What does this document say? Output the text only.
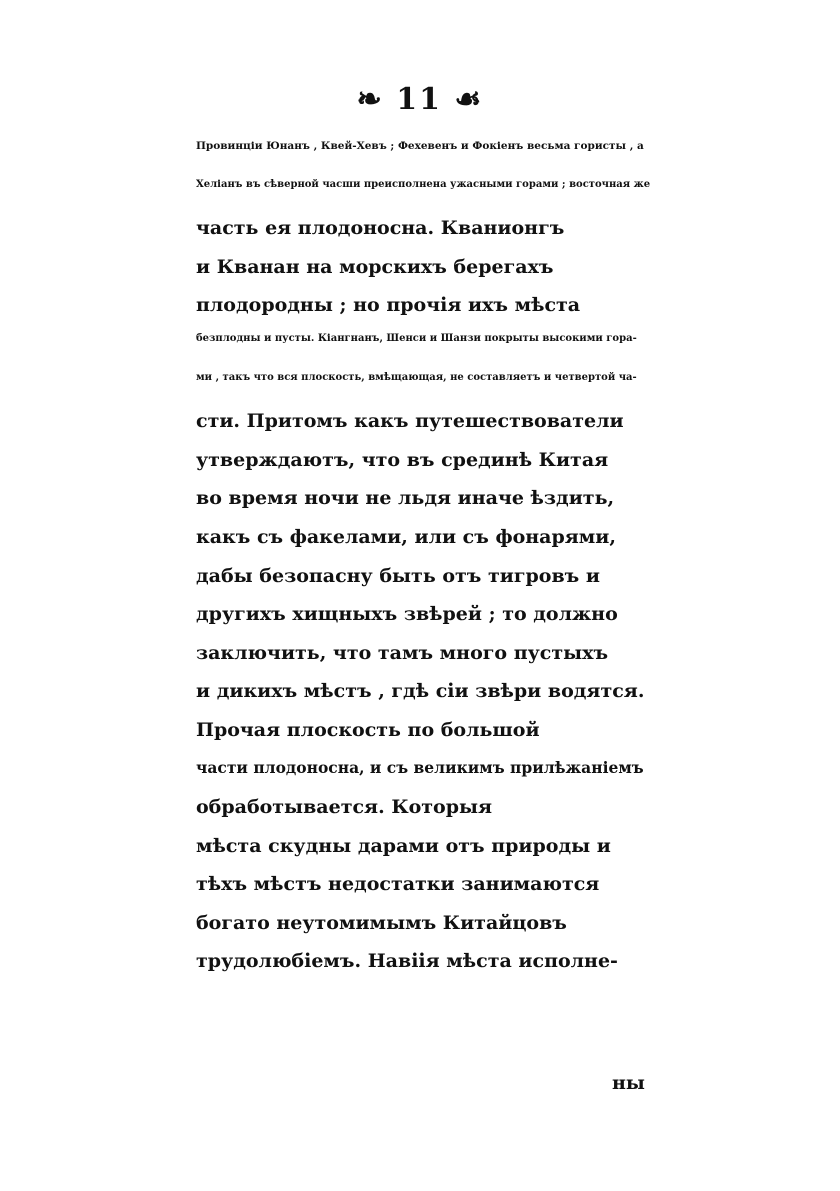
❧ 11 ☙
Провинціи Юнанъ , Квей-Хевъ ; Фехевенъ и Фокіенъ весьма гористы , а
Хеліанъ въ сѣверной часши преисполнена ужасными горами ; восточная же
часть ея плодоносна. Кванионгъ
и Кванан на морскихъ берегахъ
плодородны ; но прочія ихъ мѣста
безплодны и пусты. Кіангнанъ, Шенси и Шанзи покрыты высокими гора-
ми , такъ что вся плоскость, вмѣщающая, не составляетъ и четвертой ча-
сти. Притомъ какъ путешествователи
утверждаютъ, что въ срединѣ Китая
во время ночи не льдя иначе ѣздить,
какъ съ факелами, или съ фонарями,
дабы безопасну быть отъ тигровъ и
другихъ хищныхъ звѣрей ; то должно
заключить, что тамъ много пустыхъ
и дикихъ мѣстъ , гдѣ сіи звѣри водятся.
Прочая плоскость по большой
части плодоносна, и съ великимъ прилѣжаніемъ
обработывается. Которыя
мѣста скудны дарами отъ природы и
тѣхъ мѣстъ недостатки занимаются
богато неутомимымъ Китайцовъ
трудолюбіемъ. Навіія мѣста исполне-
ны
